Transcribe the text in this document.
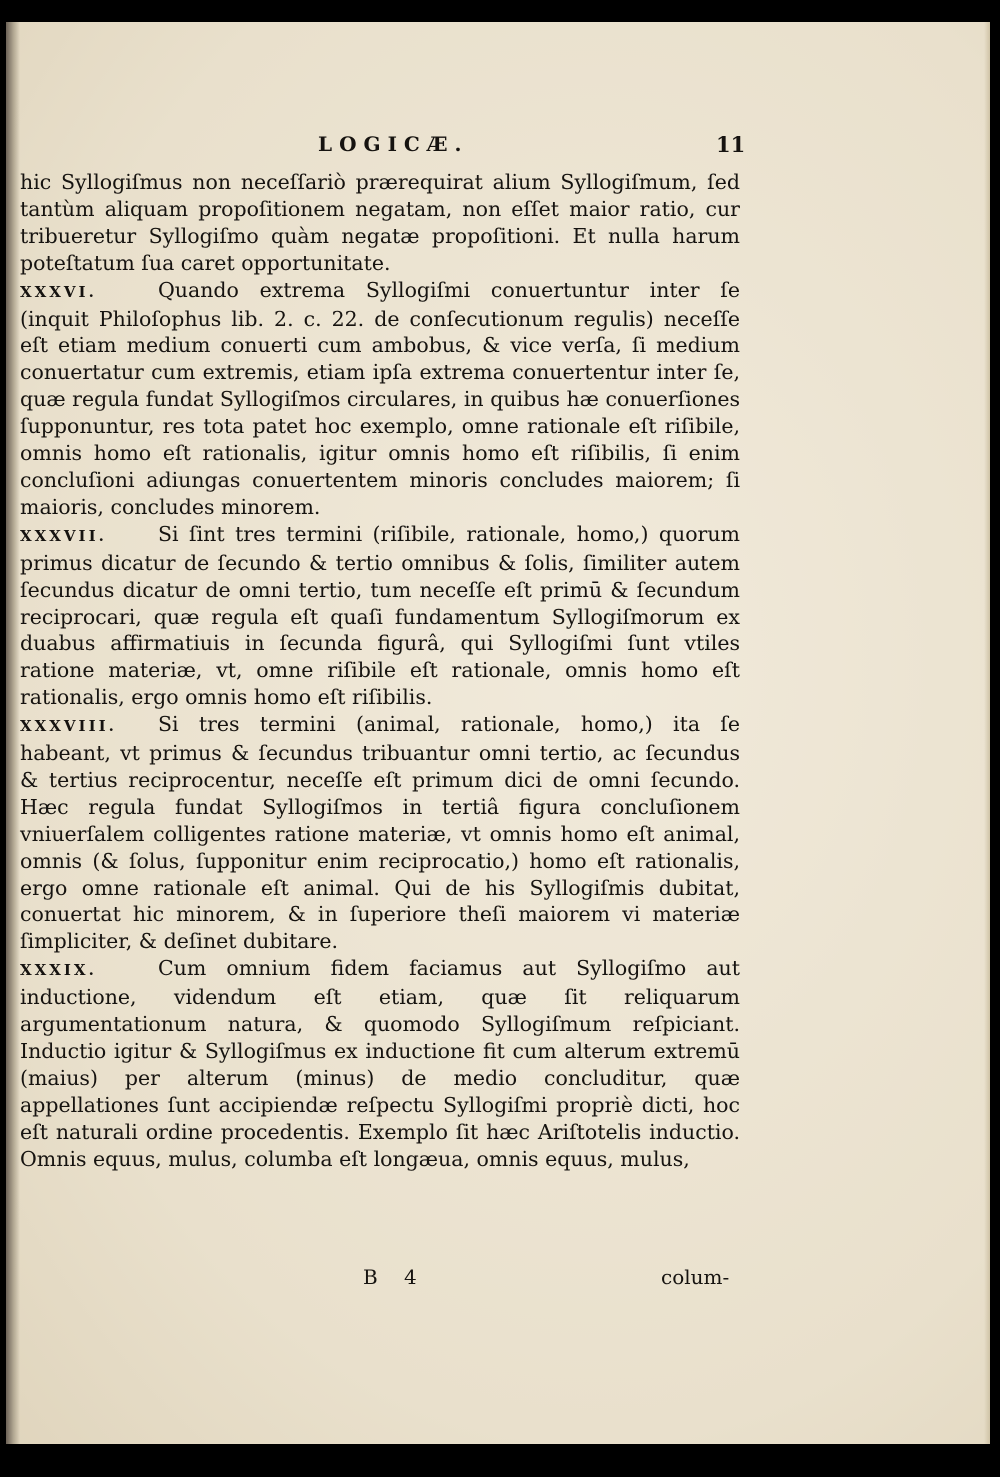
LOGICÆ.	11

hic Syllogiſmus non neceſſariò prærequirat alium Syllogiſmum, ſed tantùm aliquam propoſitionem negatam, non eſſet maior ratio, cur tribueretur Syllogiſmo quàm negatæ propoſitioni. Et nulla harum poteſtatum ſua caret opportunitate.

XXXVI.	Quando extrema Syllogiſmi conuertuntur inter ſe (inquit Philoſophus lib. 2. c. 22. de conſecutionum regulis) neceſſe eſt etiam medium conuerti cum ambobus, & vice verſa, ſi medium conuertatur cum extremis, etiam ipſa extrema conuertentur inter ſe, quæ regula fundat Syllogiſmos circulares, in quibus hæ conuerſiones ſupponuntur, res tota patet hoc exemplo, omne rationale eſt riſibile, omnis homo eſt rationalis, igitur omnis homo eſt riſibilis, ſi enim concluſioni adiungas conuertentem minoris concludes maiorem; ſi maioris, concludes minorem.

XXXVII. Si ſint tres termini (riſibile, rationale, homo,) quorum primus dicatur de ſecundo & tertio omnibus & ſolis, ſimiliter autem ſecundus dicatur de omni tertio, tum neceſſe eſt primū & ſecundum reciprocari, quæ regula eſt quaſi fundamentum Syllogiſmorum ex duabus affirmatiuis in ſecunda figurâ, qui Syllogiſmi ſunt vtiles ratione materiæ, vt, omne riſibile eſt rationale, omnis homo eſt rationalis, ergo omnis homo eſt riſibilis.

XXXVIII. Si tres termini (animal, rationale, homo,) ita ſe habeant, vt primus & ſecundus tribuantur omni tertio, ac ſecundus & tertius reciprocentur, neceſſe eſt primum dici de omni ſecundo. Hæc regula fundat Syllogiſmos in tertiâ figura concluſionem vniuerſalem colligentes ratione materiæ, vt omnis homo eſt animal, omnis (& ſolus, ſupponitur enim reciprocatio,) homo eſt rationalis, ergo omne rationale eſt animal. Qui de his Syllogiſmis dubitat, conuertat hic minorem, & in ſuperiore theſi maiorem vi materiæ ſimpliciter, & deſinet dubitare.

XXXIX.	Cum omnium fidem faciamus aut Syllogiſmo aut inductione, videndum eſt etiam, quæ ſit reliquarum argumentationum natura, & quomodo Syllogiſmum reſpiciant. Inductio igitur & Syllogiſmus ex inductione fit cum alterum extremū (maius) per alterum (minus) de medio concluditur, quæ appellationes ſunt accipiendæ reſpectu Syllogiſmi propriè dicti, hoc eſt naturali ordine procedentis. Exemplo ſit hæc Ariſtotelis inductio. Omnis equus, mulus, columba eſt longæua, omnis equus, mulus,

B 4	colum-
